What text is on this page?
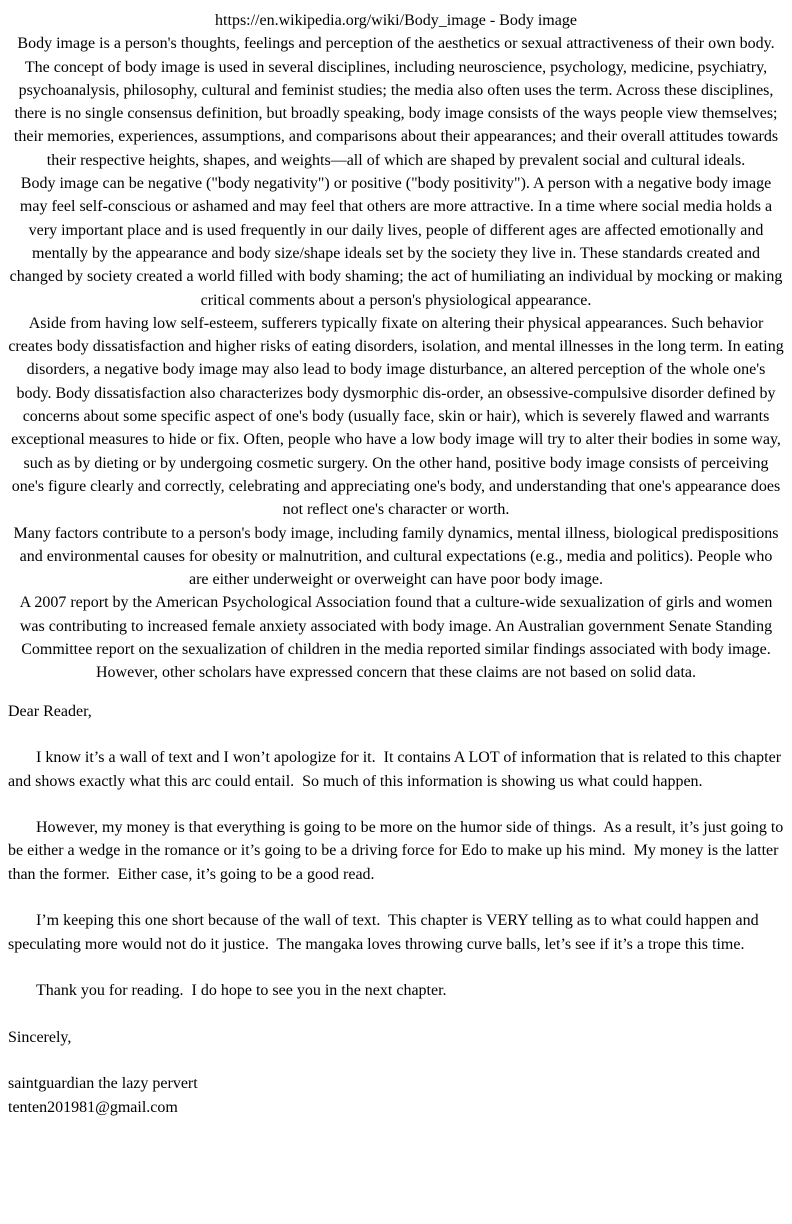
https://en.wikipedia.org/wiki/Body_image - Body image

Body image is a person's thoughts, feelings and perception of the aesthetics or sexual attractiveness of their own body. The concept of body image is used in several disciplines, including neuroscience, psychology, medicine, psychiatry, psychoanalysis, philosophy, cultural and feminist studies; the media also often uses the term. Across these disciplines, there is no single consensus definition, but broadly speaking, body image consists of the ways people view themselves; their memories, experiences, assumptions, and comparisons about their appearances; and their overall attitudes towards their respective heights, shapes, and weights—all of which are shaped by prevalent social and cultural ideals.

Body image can be negative ("body negativity") or positive ("body positivity"). A person with a negative body image may feel self-conscious or ashamed and may feel that others are more attractive. In a time where social media holds a very important place and is used frequently in our daily lives, people of different ages are affected emotionally and mentally by the appearance and body size/shape ideals set by the society they live in. These standards created and changed by society created a world filled with body shaming; the act of humiliating an individual by mocking or making critical comments about a person's physiological appearance.

Aside from having low self-esteem, sufferers typically fixate on altering their physical appearances. Such behavior creates body dissatisfaction and higher risks of eating disorders, isolation, and mental illnesses in the long term. In eating disorders, a negative body image may also lead to body image disturbance, an altered perception of the whole one's body. Body dissatisfaction also characterizes body dysmorphic dis-order, an obsessive-compulsive disorder defined by concerns about some specific aspect of one's body (usually face, skin or hair), which is severely flawed and warrants exceptional measures to hide or fix. Often, people who have a low body image will try to alter their bodies in some way, such as by dieting or by undergoing cosmetic surgery. On the other hand, positive body image consists of perceiving one's figure clearly and correctly, celebrating and appreciating one's body, and understanding that one's appearance does not reflect one's character or worth.

Many factors contribute to a person's body image, including family dynamics, mental illness, biological predispositions and environmental causes for obesity or malnutrition, and cultural expectations (e.g., media and politics). People who are either underweight or overweight can have poor body image.

A 2007 report by the American Psychological Association found that a culture-wide sexualization of girls and women was contributing to increased female anxiety associated with body image. An Australian government Senate Standing Committee report on the sexualization of children in the media reported similar findings associated with body image. However, other scholars have expressed concern that these claims are not based on solid data.

Dear Reader,

I know it’s a wall of text and I won’t apologize for it.  It contains A LOT of information that is related to this chapter and shows exactly what this arc could entail.  So much of this information is showing us what could happen.

However, my money is that everything is going to be more on the humor side of things.  As a result, it’s just going to be either a wedge in the romance or it’s going to be a driving force for Edo to make up his mind.  My money is the latter than the former.  Either case, it’s going to be a good read.

I’m keeping this one short because of the wall of text.  This chapter is VERY telling as to what could happen and speculating more would not do it justice.  The mangaka loves throwing curve balls, let’s see if it’s a trope this time.

Thank you for reading.  I do hope to see you in the next chapter.

Sincerely,

saintguardian the lazy pervert

tenten201981@gmail.com
